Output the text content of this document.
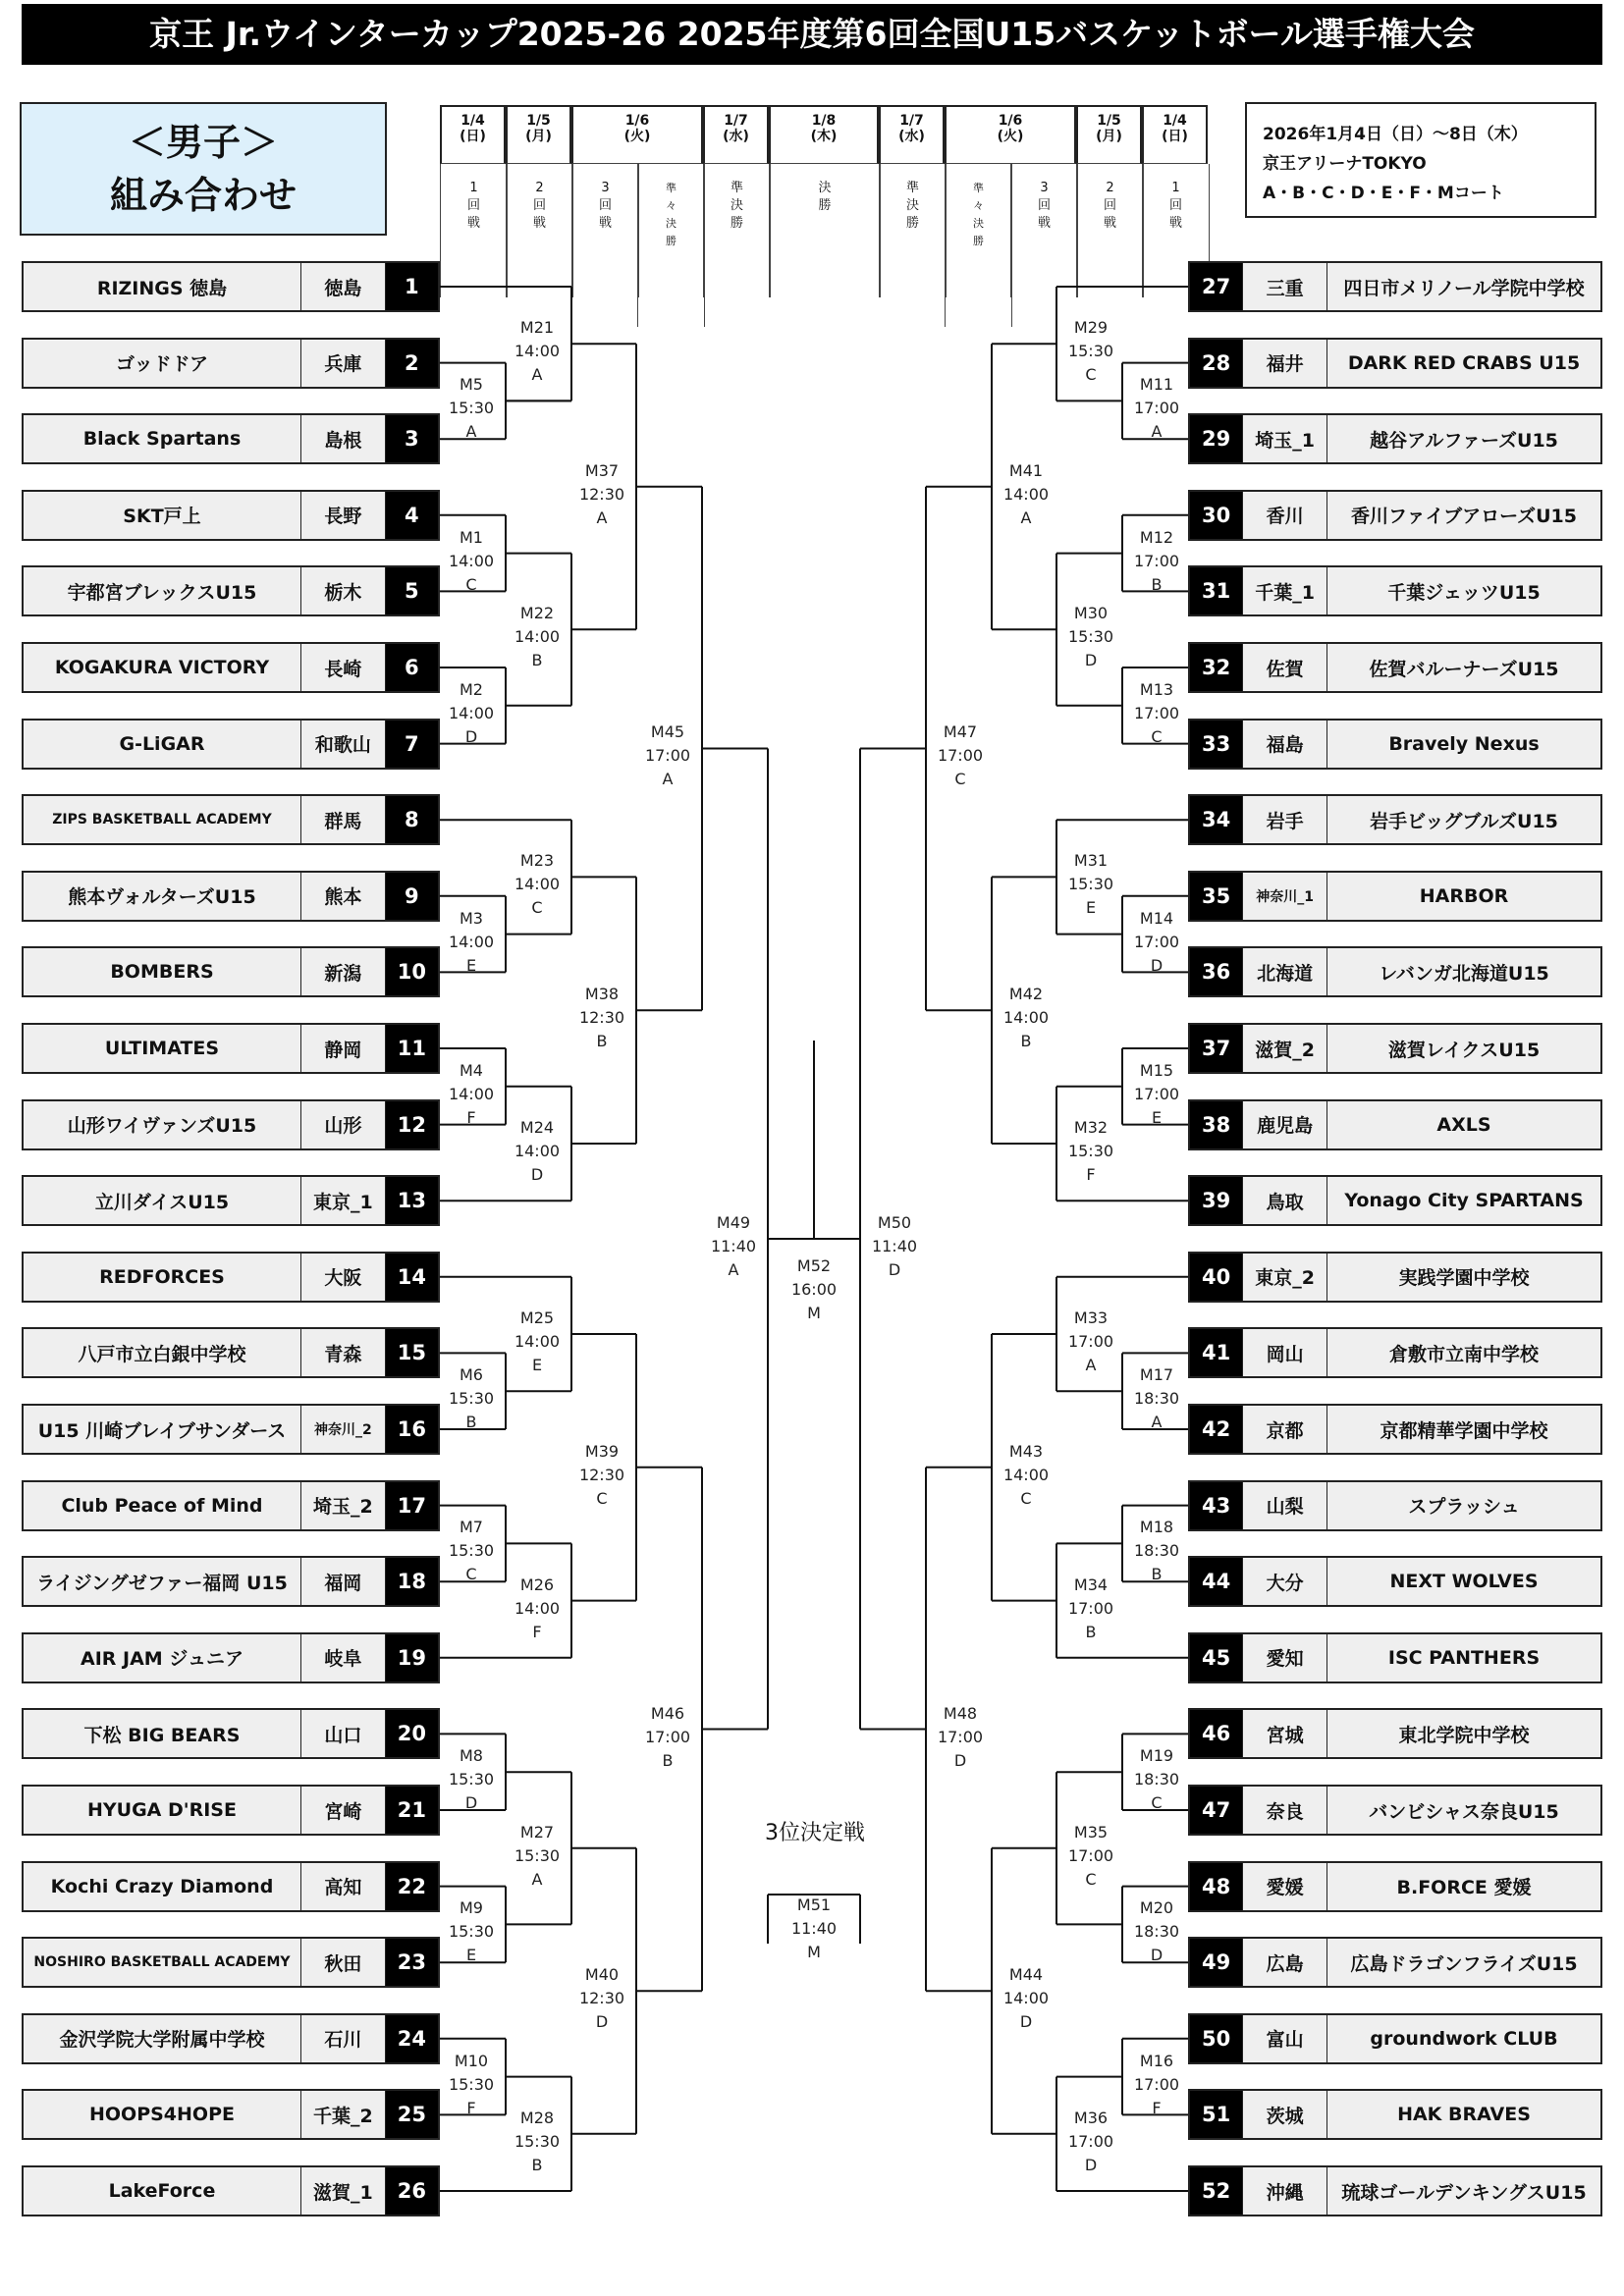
京王 Jr.ウインターカップ2025-26 2025年度第6回全国U15バスケットボール選手権大会
＜男子＞
組み合わせ
2026年1月4日（日）～8日（木）
京王アリーナTOKYO
A・B・C・D・E・F・Mコート
1/4
(日)
1
回
戦
1/5
(月)
2
回
戦
1/6
(火)
3
回
戦
準
々
決
勝
1/7
(水)
準
決
勝
1/8
(木)
決
勝
1/7
(水)
準
決
勝
1/6
(火)
準
々
決
勝
3
回
戦
1/5
(月)
2
回
戦
1/4
(日)
1
回
戦
RIZINGS 徳島	徳島	1
ゴッドドア	兵庫	2
Black Spartans	島根	3
SKT戸上	長野	4
宇都宮ブレックスU15	栃木	5
KOGAKURA VICTORY	長崎	6
G-LiGAR	和歌山	7
ZIPS BASKETBALL ACADEMY	群馬	8
熊本ヴォルターズU15	熊本	9
BOMBERS	新潟	10
ULTIMATES	静岡	11
山形ワイヴァンズU15	山形	12
立川ダイスU15	東京_1	13
REDFORCES	大阪	14
八戸市立白銀中学校	青森	15
U15 川崎ブレイブサンダース	神奈川_2	16
Club Peace of Mind	埼玉_2	17
ライジングゼファー福岡 U15	福岡	18
AIR JAM ジュニア	岐阜	19
下松 BIG BEARS	山口	20
HYUGA D'RISE	宮崎	21
Kochi Crazy Diamond	高知	22
NOSHIRO BASKETBALL ACADEMY	秋田	23
金沢学院大学附属中学校	石川	24
HOOPS4HOPE	千葉_2	25
LakeForce	滋賀_1	26
27	三重	四日市メリノール学院中学校
28	福井	DARK RED CRABS U15
29	埼玉_1	越谷アルファーズU15
30	香川	香川ファイブアローズU15
31	千葉_1	千葉ジェッツU15
32	佐賀	佐賀バルーナーズU15
33	福島	Bravely Nexus
34	岩手	岩手ビッグブルズU15
35	神奈川_1	HARBOR
36	北海道	レバンガ北海道U15
37	滋賀_2	滋賀レイクスU15
38	鹿児島	AXLS
39	鳥取	Yonago City SPARTANS
40	東京_2	実践学園中学校
41	岡山	倉敷市立南中学校
42	京都	京都精華学園中学校
43	山梨	スプラッシュ
44	大分	NEXT WOLVES
45	愛知	ISC PANTHERS
46	宮城	東北学院中学校
47	奈良	バンビシャス奈良U15
48	愛媛	B.FORCE 愛媛
49	広島	広島ドラゴンフライズU15
50	富山	groundwork CLUB
51	茨城	HAK BRAVES
52	沖縄	琉球ゴールデンキングスU15
M5
15:30
A
M21
14:00
A
M1
14:00
C
M2
14:00
D
M22
14:00
B
M37
12:30
A
M3
14:00
E
M23
14:00
C
M4
14:00
F
M24
14:00
D
M38
12:30
B
M45
17:00
A
M6
15:30
B
M25
14:00
E
M7
15:30
C
M26
14:00
F
M39
12:30
C
M8
15:30
D
M9
15:30
E
M27
15:30
A
M10
15:30
F
M28
15:30
B
M40
12:30
D
M46
17:00
B
M49
11:40
A
M11
17:00
A
M29
15:30
C
M12
17:00
B
M13
17:00
C
M30
15:30
D
M41
14:00
A
M14
17:00
D
M31
15:30
E
M15
17:00
E
M32
15:30
F
M42
14:00
B
M47
17:00
C
M17
18:30
A
M33
17:00
A
M18
18:30
B
M34
17:00
B
M43
14:00
C
M19
18:30
C
M20
18:30
D
M35
17:00
C
M16
17:00
F
M36
17:00
D
M44
14:00
D
M48
17:00
D
M50
11:40
D
M52
16:00
M
M51
11:40
M
3位決定戦
